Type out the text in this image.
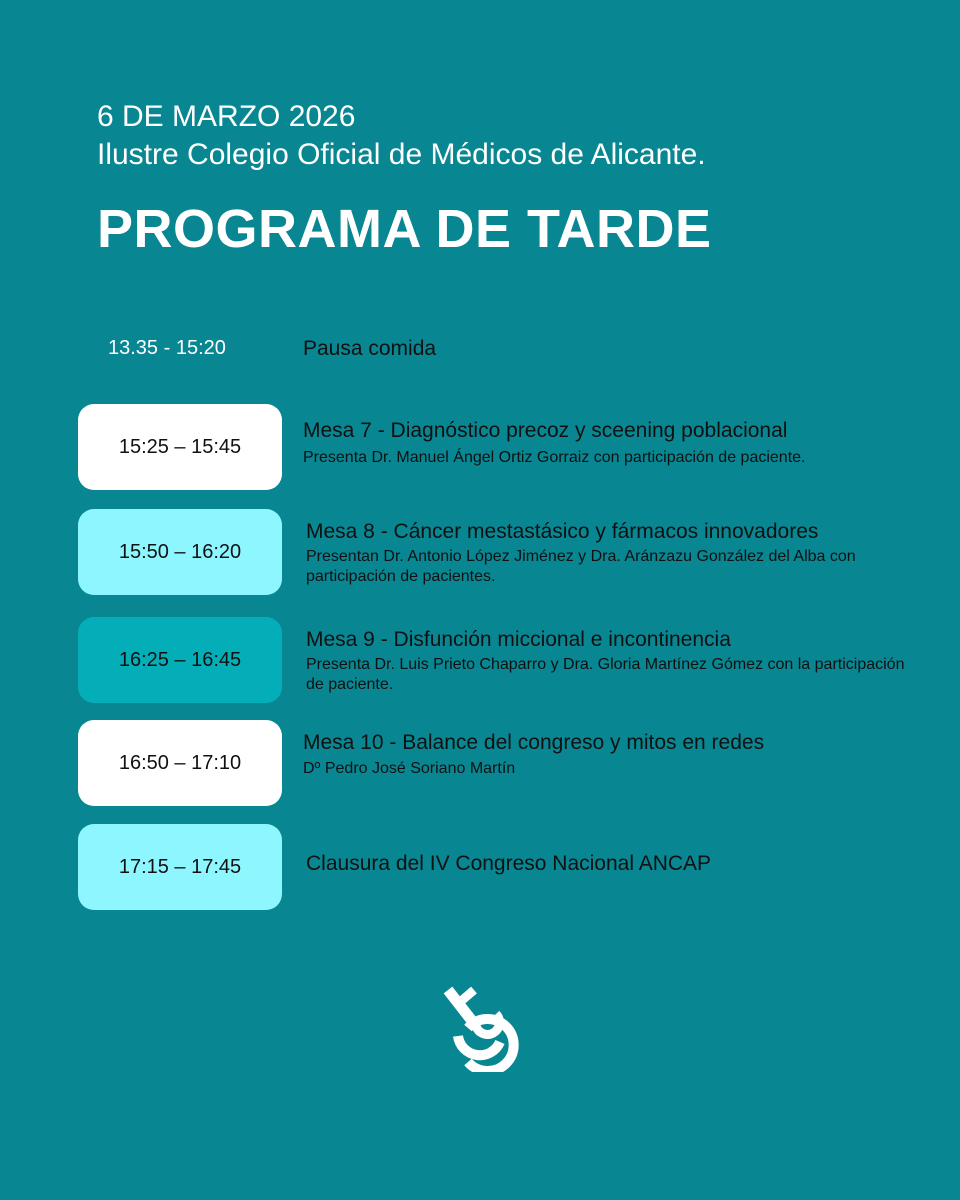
6 DE MARZO 2026

Ilustre Colegio Oficial de Médicos de Alicante.

PROGRAMA DE TARDE
13.35 - 15:20	Pausa comida

15:25 – 15:45

Mesa 7 - Diagnóstico precoz y sceening poblacional

Presenta Dr. Manuel Ángel Ortiz Gorraiz con participación de paciente.

15:50 – 16:20

Mesa 8 - Cáncer mestastásico y fármacos innovadores

Presentan Dr. Antonio López Jiménez y Dra. Aránzazu González del Alba con participación de pacientes.

16:25 – 16:45

Mesa 9 - Disfunción miccional e incontinencia

Presenta Dr. Luis Prieto Chaparro y Dra. Gloria Martínez Gómez con la participación de paciente.

16:50 – 17:10

Mesa 10 - Balance del congreso y mitos en redes

Dº Pedro José Soriano Martín

17:15 – 17:45	Clausura del IV Congreso Nacional ANCAP
